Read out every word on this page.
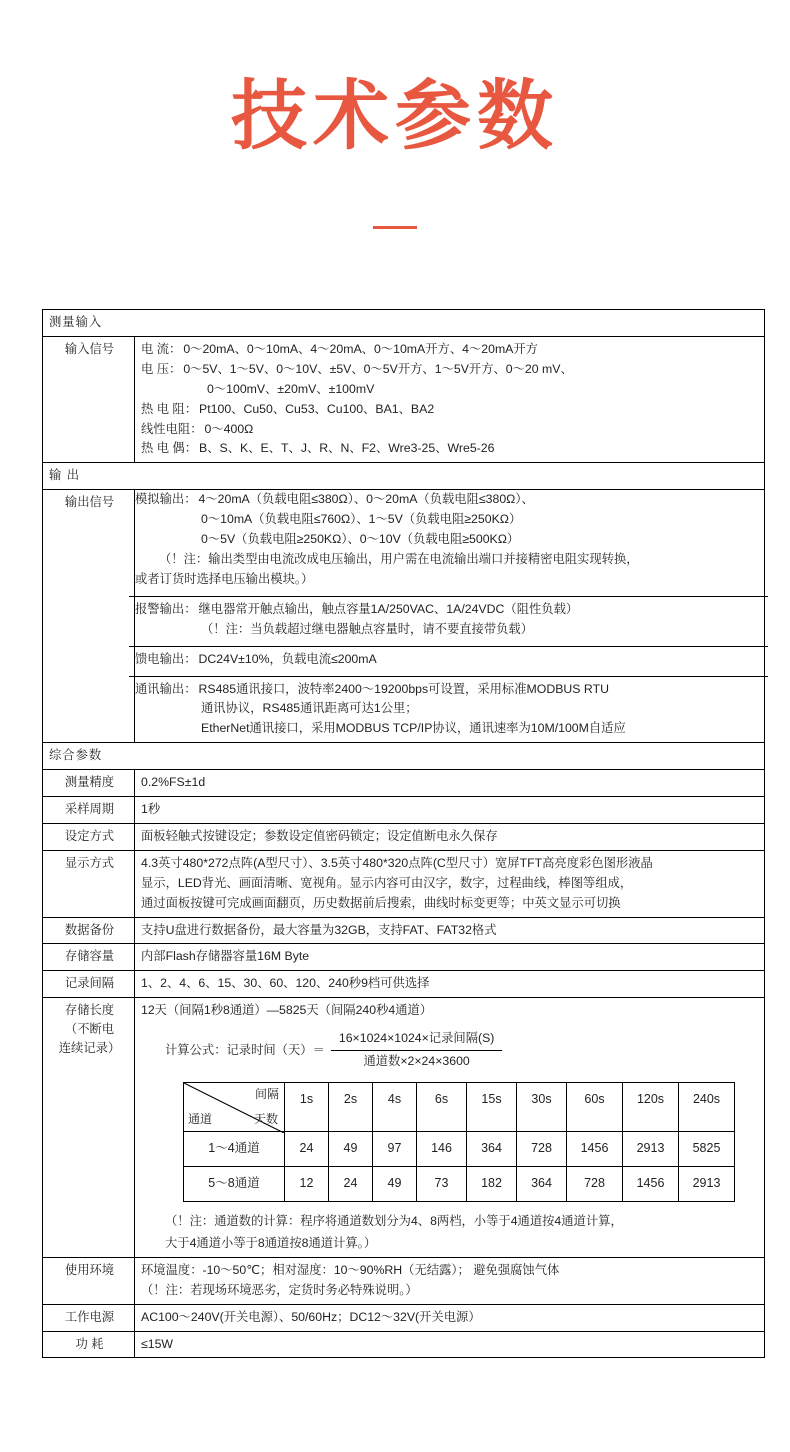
技术参数
测量输入
输入信号	电 流： 0～20mA、0～10mA、4～20mA、0～10mA开方、4～20mA开方
电 压： 0～5V、1～5V、0～10V、±5V、0～5V开方、1～5V开方、0～20 mV、
0～100mV、±20mV、±100mV
热 电 阻： Pt100、Cu50、Cu53、Cu100、BA1、BA2
线性电阻： 0～400Ω
热 电 偶： B、S、K、E、T、J、R、N、F2、Wre3-25、Wre5-26

输 出
输出信号	模拟输出： 4～20mA（负载电阻≤380Ω）、0～20mA（负载电阻≤380Ω）、
0～10mA（负载电阻≤760Ω）、1～5V（负载电阻≥250KΩ）
0～5V（负载电阻≥250KΩ）、0～10V（负载电阻≥500KΩ）
（！注：输出类型由电流改成电压输出，用户需在电流输出端口并接精密电阻实现转换，
或者订货时选择电压输出模块。）
报警输出： 继电器常开触点输出，触点容量1A/250VAC、1A/24VDC（阻性负载）
（！注：当负载超过继电器触点容量时，请不要直接带负载）
馈电输出： DC24V±10%，负载电流≤200mA
通讯输出： RS485通讯接口，波特率2400～19200bps可设置，采用标准MODBUS RTU
通讯协议，RS485通讯距离可达1公里；
EtherNet通讯接口，采用MODBUS TCP/IP协议，通讯速率为10M/100M自适应

综合参数
测量精度	0.2%FS±1d
采样周期	1秒
设定方式	面板轻触式按键设定；参数设定值密码锁定；设定值断电永久保存
显示方式	4.3英寸480*272点阵(A型尺寸）、3.5英寸480*320点阵(C型尺寸）宽屏TFT高亮度彩色图形液晶
显示，LED背光、画面清晰、宽视角。显示内容可由汉字，数字，过程曲线，棒图等组成，
通过面板按键可完成画面翻页，历史数据前后搜索，曲线时标变更等；中英文显示可切换

数据备份	支持U盘进行数据备份，最大容量为32GB，支持FAT、FAT32格式
存储容量	内部Flash存储器容量16M Byte
记录间隔	1、2、4、6、15、30、60、120、240秒9档可供选择

存储长度
（不断电
连续记录）

12天（间隔1秒8通道）—5825天（间隔240秒4通道）
计算公式：记录时间（天）＝ $\frac{\text{16×1024×1024×记录间隔(S)}}{\text{通道数×2×24×3600}}$
间隔
通道	天数
	1s	2s	4s	6s	15s	30s	60s	120s	240s
1～4通道	24	49	97	146	364	728	1456	2913	5825
5～8通道	12	24	49	73	182	364	728	1456	2913
（！注：通道数的计算：程序将通道数划分为4、8两档，小等于4通道按4通道计算，
大于4通道小等于8通道按8通道计算。）

使用环境	环境温度：-10～50℃；相对湿度：10～90%RH（无结露）； 避免强腐蚀气体
（！注：若现场环境恶劣，定货时务必特殊说明。）

工作电源	AC100～240V(开关电源）、50/60Hz；DC12～32V(开关电源）
功 耗	≤15W
